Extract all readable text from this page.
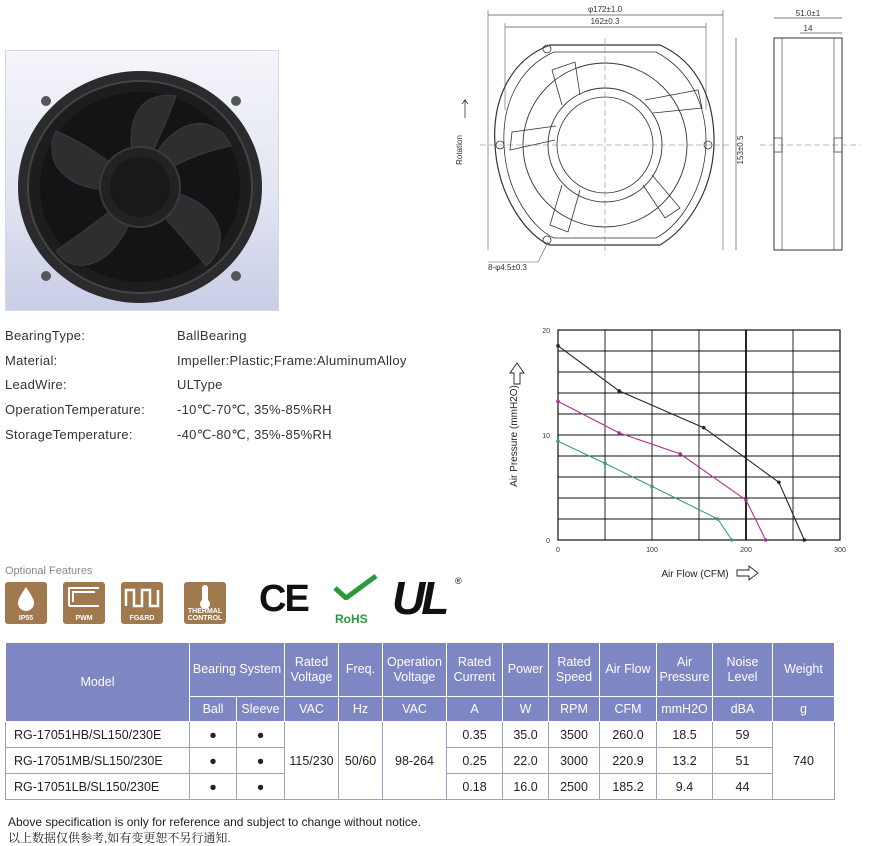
φ172±1.0
162±0.3
153±0.5
Rotation
8-φ4.5±0.3
51.0±1
14
BearingType:	BallBearing
Material:	Impeller:Plastic;Frame:AluminumAlloy
LeadWire:	ULType
OperationTemperature: -10℃-70℃, 35%-85%RH
StorageTemperature:	-40℃-80℃, 35%-85%RH
0	100	200	300
0
10
20
Air Pressure (mmH2O)
Air Flow (CFM)
Optional Features
IP55	PWM	FG&RD
THERMAL CONTROL CE RoHS UL ®
Model	Bearing System		Rated Voltage	Freq.	Operation Voltage	Rated Current	Power	Rated Speed	Air Flow	Air Pressure	Noise Level	Weight
	Ball	Sleeve	VAC	Hz	VAC	A	W	RPM	CFM	mmH2O	dBA	g
RG-17051HB/SL150/230E	●	●	115/230	50/60	98-264	0.35	35.0	3500	260.0	18.5	59	740
RG-17051MB/SL150/230E	●	●				0.25	22.0	3000	220.9	13.2	51	
RG-17051LB/SL150/230E	●	●				0.18	16.0	2500	185.2	9.4	44	
Above specification is only for reference and subject to change without notice.
以上数据仅供参考,如有变更恕不另行通知.
